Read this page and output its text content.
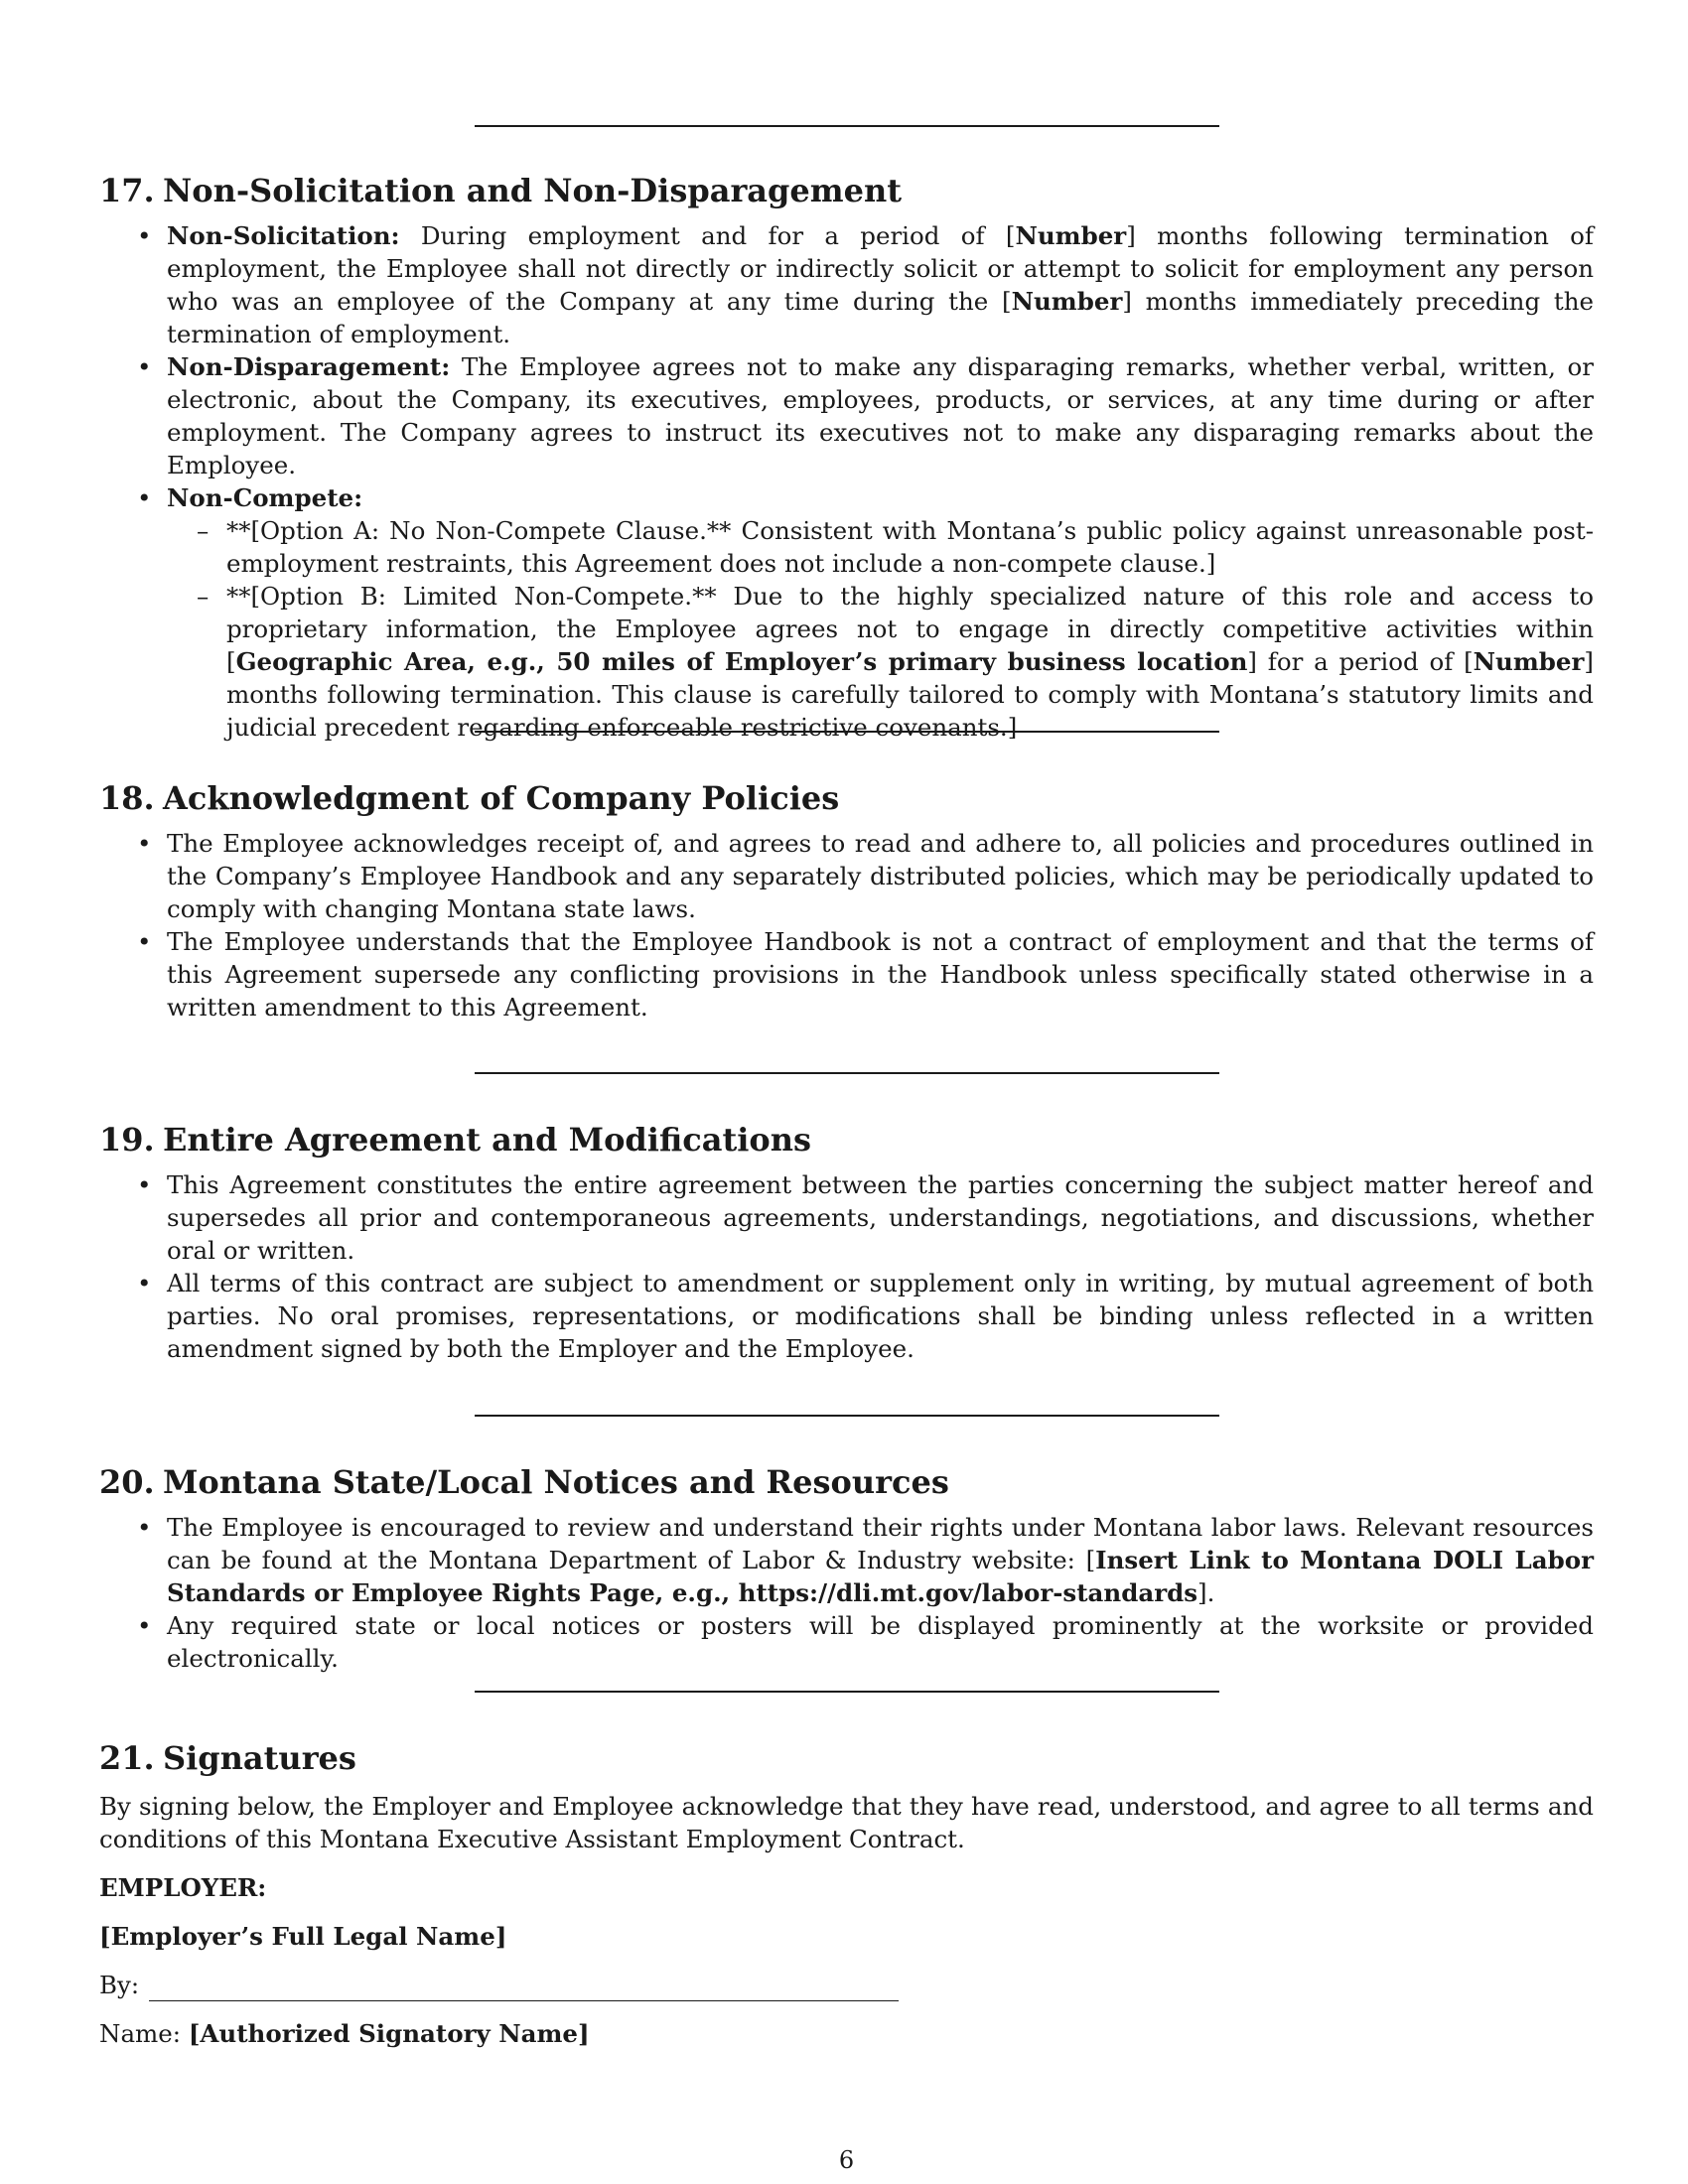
17. Non-Solicitation and Non-Disparagement
• Non-Solicitation: During employment and for a period of [Number] months following termination of employment, the Employee shall not directly or indirectly solicit or attempt to solicit for employment any person who was an employee of the Company at any time during the [Number] months immediately preceding the termination of employment.
• Non-Disparagement: The Employee agrees not to make any disparaging remarks, whether verbal, written, or electronic, about the Company, its executives, employees, products, or services, at any time during or after employment. The Company agrees to instruct its executives not to make any disparaging remarks about the Employee.
• Non-Compete:
– **[Option A: No Non-Compete Clause.** Consistent with Montana’s public policy against unreasonable post-employment restraints, this Agreement does not include a non-compete clause.]
– **[Option B: Limited Non-Compete.** Due to the highly specialized nature of this role and access to proprietary information, the Employee agrees not to engage in directly competitive activities within [Geographic Area, e.g., 50 miles of Employer’s primary business location] for a period of [Number] months following termination. This clause is carefully tailored to comply with Montana’s statutory limits and judicial precedent regarding enforceable restrictive covenants.]
18. Acknowledgment of Company Policies
• The Employee acknowledges receipt of, and agrees to read and adhere to, all policies and procedures outlined in the Company’s Employee Handbook and any separately distributed policies, which may be periodically updated to comply with changing Montana state laws.
• The Employee understands that the Employee Handbook is not a contract of employment and that the terms of this Agreement supersede any conflicting provisions in the Handbook unless specifically stated otherwise in a written amendment to this Agreement.
19. Entire Agreement and Modifications
• This Agreement constitutes the entire agreement between the parties concerning the subject matter hereof and supersedes all prior and contemporaneous agreements, understandings, negotiations, and discussions, whether oral or written.
• All terms of this contract are subject to amendment or supplement only in writing, by mutual agreement of both parties. No oral promises, representations, or modifications shall be binding unless reflected in a written amendment signed by both the Employer and the Employee.
20. Montana State/Local Notices and Resources
• The Employee is encouraged to review and understand their rights under Montana labor laws. Relevant resources can be found at the Montana Department of Labor & Industry website: [Insert Link to Montana DOLI Labor Standards or Employee Rights Page, e.g., https://dli.mt.gov/labor-standards].
• Any required state or local notices or posters will be displayed prominently at the worksite or provided electronically.
21. Signatures

By signing below, the Employer and Employee acknowledge that they have read, understood, and agree to all terms and conditions of this Montana Executive Assistant Employment Contract.

EMPLOYER:

[Employer’s Full Legal Name]

By:

Name: [Authorized Signatory Name]

6
